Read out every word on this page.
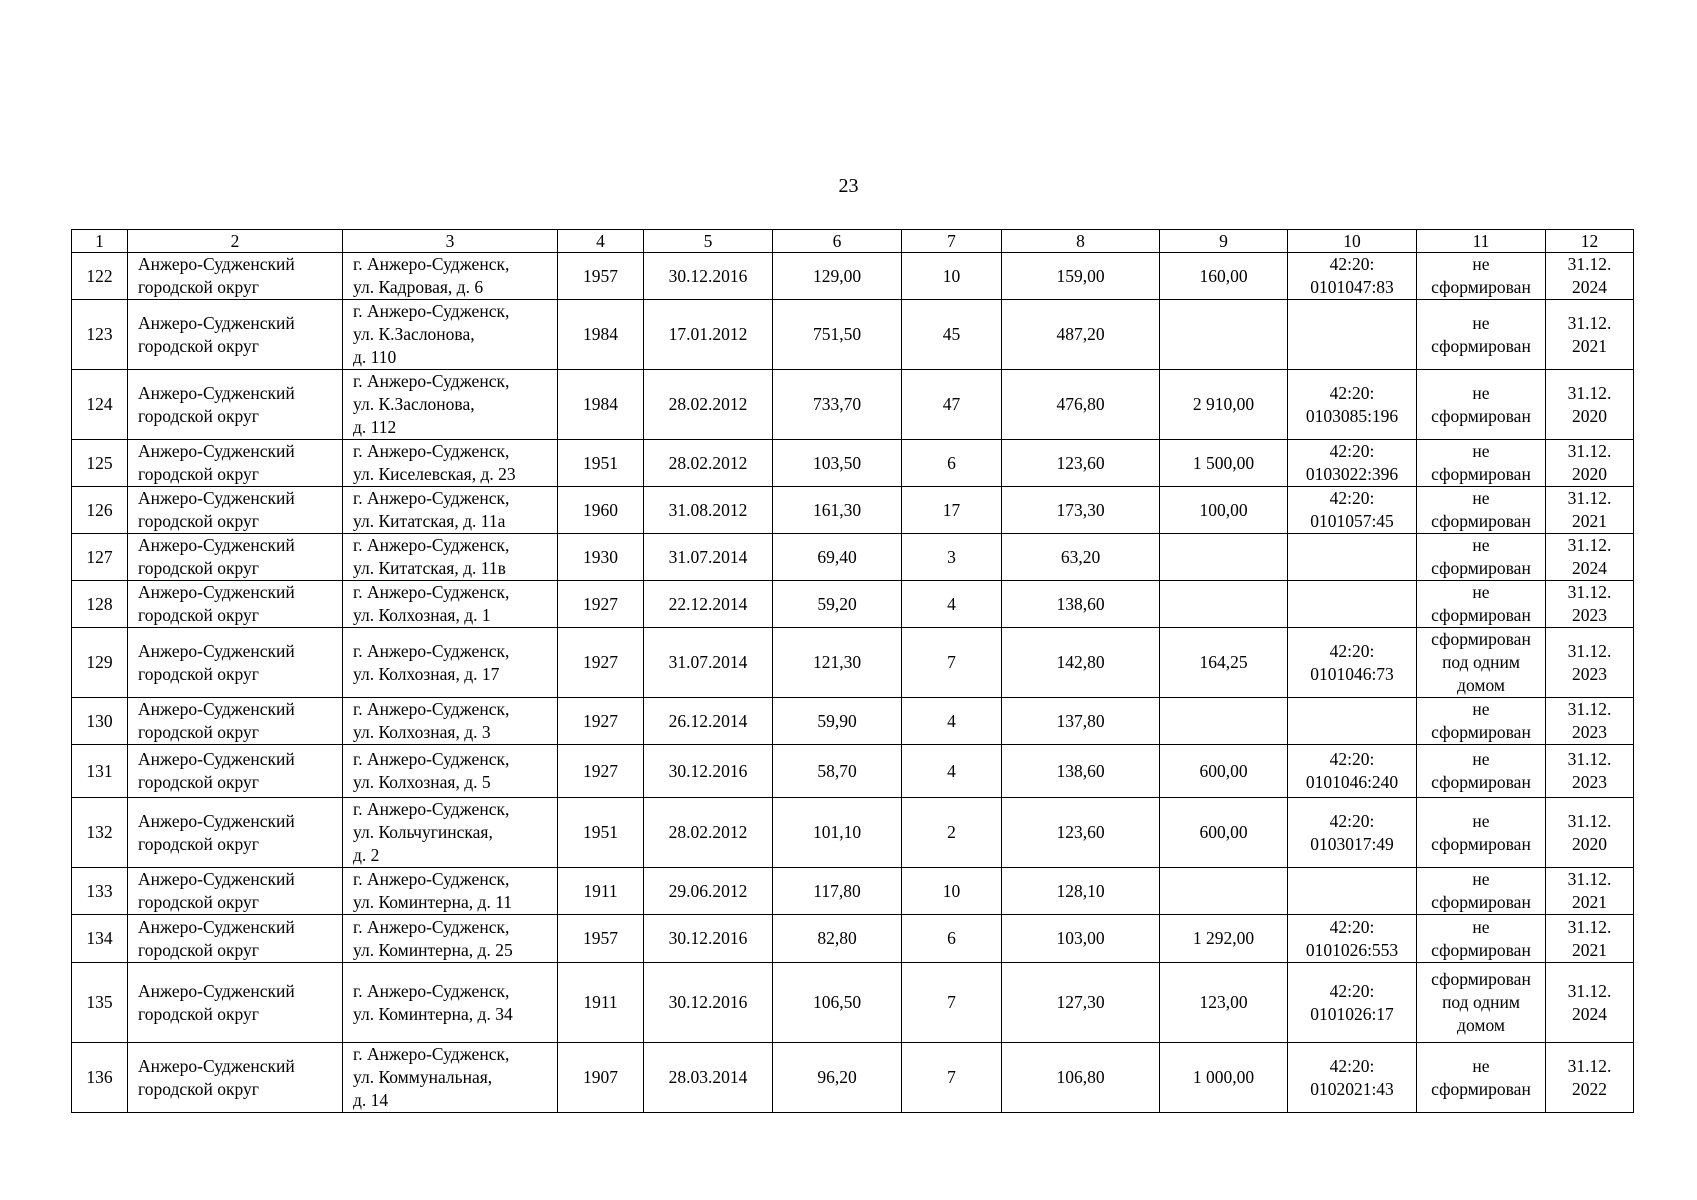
23
1	2	3	4	5	6	7	8	9	10	11	12
122	Анжеро-Судженский
городской округ	г. Анжеро-Судженск,
ул. Кадровая, д. 6	1957	30.12.2016	129,00	10	159,00	160,00	42:20:
0101047:83	не
сформирован	31.12.
2024
123	Анжеро-Судженский
городской округ	г. Анжеро-Судженск,
ул. К.Заслонова,
д. 110	1984	17.01.2012	751,50	45	487,20			не
сформирован	31.12.
2021
124	Анжеро-Судженский
городской округ	г. Анжеро-Судженск,
ул. К.Заслонова,
д. 112	1984	28.02.2012	733,70	47	476,80	2 910,00	42:20:
0103085:196	не
сформирован	31.12.
2020
125	Анжеро-Судженский
городской округ	г. Анжеро-Судженск,
ул. Киселевская, д. 23	1951	28.02.2012	103,50	6	123,60	1 500,00	42:20:
0103022:396	не
сформирован	31.12.
2020
126	Анжеро-Судженский
городской округ	г. Анжеро-Судженск,
ул. Китатская, д. 11а	1960	31.08.2012	161,30	17	173,30	100,00	42:20:
0101057:45	не
сформирован	31.12.
2021
127	Анжеро-Судженский
городской округ	г. Анжеро-Судженск,
ул. Китатская, д. 11в	1930	31.07.2014	69,40	3	63,20			не
сформирован	31.12.
2024
128	Анжеро-Судженский
городской округ	г. Анжеро-Судженск,
ул. Колхозная, д. 1	1927	22.12.2014	59,20	4	138,60			не
сформирован	31.12.
2023
129	Анжеро-Судженский
городской округ	г. Анжеро-Судженск,
ул. Колхозная, д. 17	1927	31.07.2014	121,30	7	142,80	164,25	42:20:
0101046:73	сформирован
под одним
домом	31.12.
2023
130	Анжеро-Судженский
городской округ	г. Анжеро-Судженск,
ул. Колхозная, д. 3	1927	26.12.2014	59,90	4	137,80			не
сформирован	31.12.
2023
131	Анжеро-Судженский
городской округ	г. Анжеро-Судженск,
ул. Колхозная, д. 5	1927	30.12.2016	58,70	4	138,60	600,00	42:20:
0101046:240	не
сформирован	31.12.
2023
132	Анжеро-Судженский
городской округ	г. Анжеро-Судженск,
ул. Кольчугинская,
д. 2	1951	28.02.2012	101,10	2	123,60	600,00	42:20:
0103017:49	не
сформирован	31.12.
2020
133	Анжеро-Судженский
городской округ	г. Анжеро-Судженск,
ул. Коминтерна, д. 11	1911	29.06.2012	117,80	10	128,10			не
сформирован	31.12.
2021
134	Анжеро-Судженский
городской округ	г. Анжеро-Судженск,
ул. Коминтерна, д. 25	1957	30.12.2016	82,80	6	103,00	1 292,00	42:20:
0101026:553	не
сформирован	31.12.
2021
135	Анжеро-Судженский
городской округ	г. Анжеро-Судженск,
ул. Коминтерна, д. 34	1911	30.12.2016	106,50	7	127,30	123,00	42:20:
0101026:17	сформирован
под одним
домом	31.12.
2024
136	Анжеро-Судженский
городской округ	г. Анжеро-Судженск,
ул. Коммунальная,
д. 14	1907	28.03.2014	96,20	7	106,80	1 000,00	42:20:
0102021:43	не
сформирован	31.12.
2022
